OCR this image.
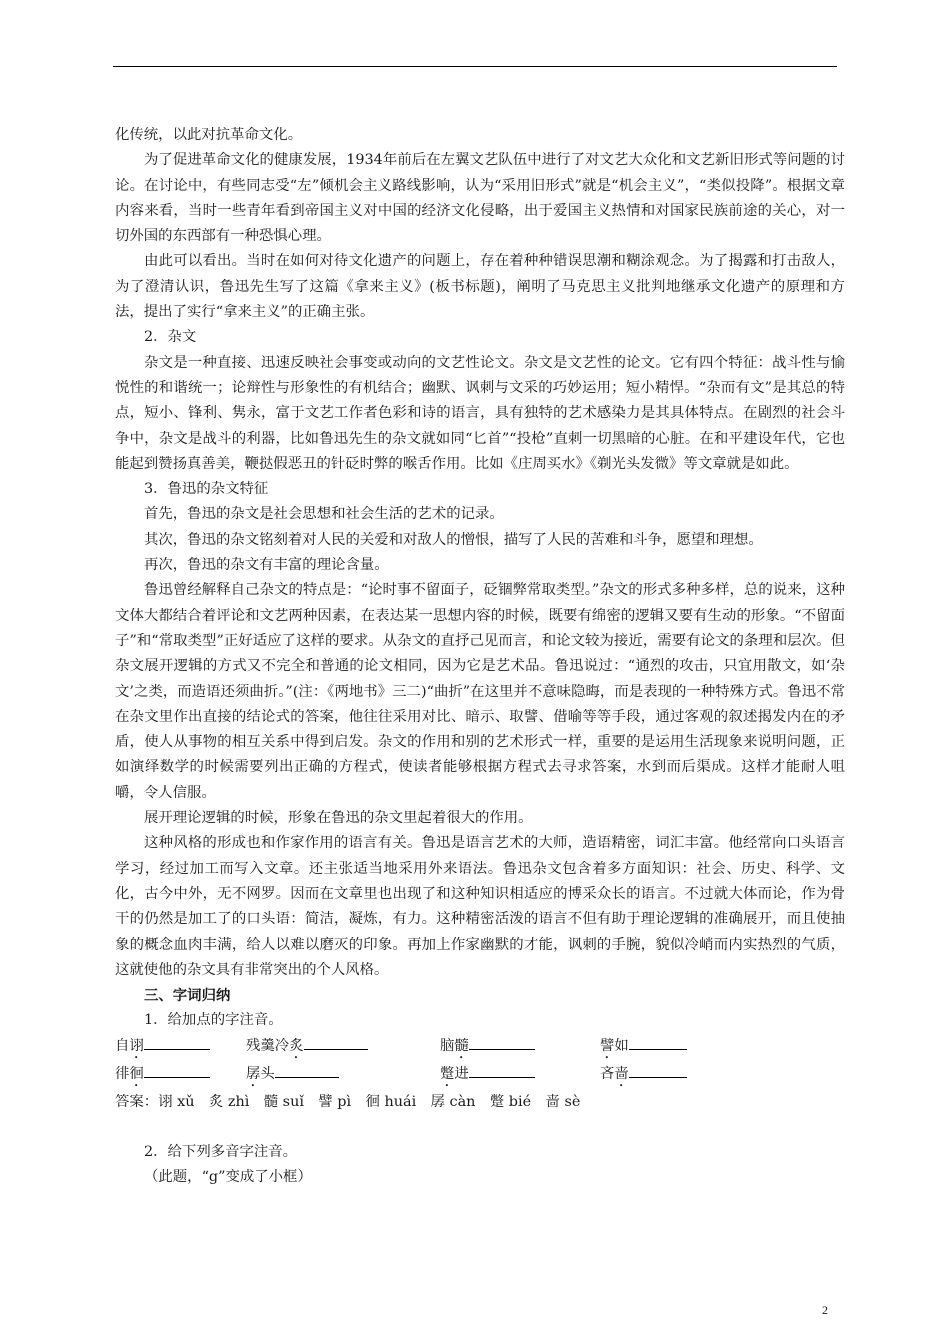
化传统，以此对抗革命文化。

为了促进革命文化的健康发展，1934年前后在左翼文艺队伍中进行了对文艺大众化和文艺新旧形式等问题的讨论。在讨论中，有些同志受“左”倾机会主义路线影响，认为“采用旧形式”就是“机会主义”，“类似投降”。根据文章内容来看，当时一些青年看到帝国主义对中国的经济文化侵略，出于爱国主义热情和对国家民族前途的关心，对一切外国的东西部有一种恐惧心理。

由此可以看出。当时在如何对待文化遗产的问题上，存在着种种错误思潮和糊涂观念。为了揭露和打击敌人，为了澄清认识，鲁迅先生写了这篇《拿来主义》(板书标题)，阐明了马克思主义批判地继承文化遗产的原理和方法，提出了实行“拿来主义”的正确主张。

2．杂文

杂文是一种直接、迅速反映社会事变或动向的文艺性论文。杂文是文艺性的论文。它有四个特征：战斗性与愉悦性的和谐统一；论辩性与形象性的有机结合；幽默、讽刺与文采的巧妙运用；短小精悍。“杂而有文”是其总的特点，短小、锋利、隽永，富于文艺工作者色彩和诗的语言，具有独特的艺术感染力是其具体特点。在剧烈的社会斗争中，杂文是战斗的利器，比如鲁迅先生的杂文就如同“匕首”“投枪”直刺一切黑暗的心脏。在和平建设年代，它也能起到赞扬真善美，鞭挞假恶丑的针砭时弊的喉舌作用。比如《庄周买水》《剃光头发微》等文章就是如此。

3．鲁迅的杂文特征

首先，鲁迅的杂文是社会思想和社会生活的艺术的记录。

其次，鲁迅的杂文铭刻着对人民的关爱和对敌人的憎恨，描写了人民的苦难和斗争，愿望和理想。

再次，鲁迅的杂文有丰富的理论含量。

鲁迅曾经解释自己杂文的特点是：“论时事不留面子，砭锢弊常取类型。”杂文的形式多种多样，总的说来，这种文体大都结合着评论和文艺两种因素，在表达某一思想内容的时候，既要有绵密的逻辑又要有生动的形象。“不留面子”和“常取类型”正好适应了这样的要求。从杂文的直抒己见而言，和论文较为接近，需要有论文的条理和层次。但杂文展开逻辑的方式又不完全和普通的论文相同，因为它是艺术品。鲁迅说过：“通烈的攻击，只宜用散文，如‘杂文’之类，而造语还须曲折。”(注：《两地书》三二)“曲折”在这里并不意味隐晦，而是表现的一种特殊方式。鲁迅不常在杂文里作出直接的结论式的答案，他往往采用对比、暗示、取譬、借喻等等手段，通过客观的叙述揭发内在的矛盾，使人从事物的相互关系中得到启发。杂文的作用和别的艺术形式一样，重要的是运用生活现象来说明问题，正如演绎数学的时候需要列出正确的方程式，使读者能够根据方程式去寻求答案，水到而后渠成。这样才能耐人咀嚼，令人信服。

展开理论逻辑的时候，形象在鲁迅的杂文里起着很大的作用。

这种风格的形成也和作家作用的语言有关。鲁迅是语言艺术的大师，造语精密，词汇丰富。他经常向口头语言学习，经过加工而写入文章。还主张适当地采用外来语法。鲁迅杂文包含着多方面知识：社会、历史、科学、文化，古今中外，无不网罗。因而在文章里也出现了和这种知识相适应的博采众长的语言。不过就大体而论，作为骨干的仍然是加工了的口头语：简洁，凝炼，有力。这种精密活泼的语言不但有助于理论逻辑的准确展开，而且使抽象的概念血肉丰满，给人以难以磨灭的印象。再加上作家幽默的才能，讽刺的手腕，貌似冷峭而内实热烈的气质，这就使他的杂文具有非常突出的个人风格。

三、字词归纳

1．给加点的字注音。

自诩	残羹冷炙	脑髓	譬如

徘徊	孱头	蹩进	吝啬

答案：诩 xǔ　炙 zhì　髓 suǐ　譬 pì　徊 huái　孱 càn　蹩 bié　啬 sè

2．给下列多音字注音。

（此题，“g”变成了小框）

2
